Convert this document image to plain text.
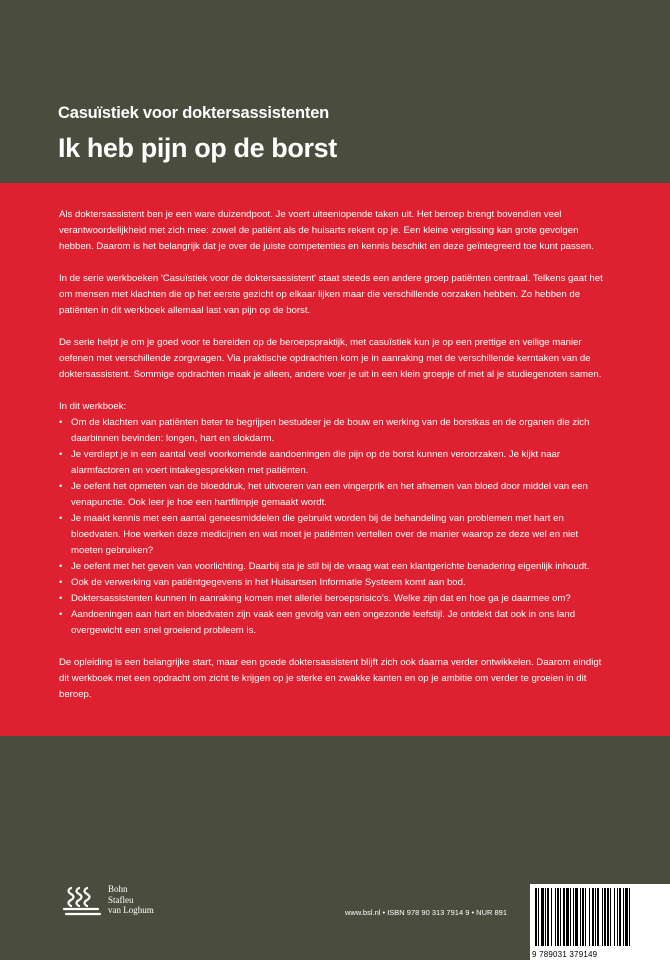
Casuïstiek voor doktersassistenten
Ik heb pijn op de borst

Als doktersassistent ben je een ware duizendpoot. Je voert uiteenlopende taken uit. Het beroep brengt bovendien veel verantwoordelijkheid met zich mee: zowel de patiënt als de huisarts rekent op je. Een kleine vergissing kan grote gevolgen hebben. Daarom is het belangrijk dat je over de juiste competenties en kennis beschikt en deze geïntegreerd toe kunt passen.

In de serie werkboeken 'Casuïstiek voor de doktersassistent' staat steeds een andere groep patiënten centraal. Telkens gaat het om mensen met klachten die op het eerste gezicht op elkaar lijken maar die verschillende oorzaken hebben. Zo hebben de patiënten in dit werkboek allemaal last van pijn op de borst.

De serie helpt je om je goed voor te bereiden op de beroepspraktijk, met casuïstiek kun je op een prettige en veilige manier oefenen met verschillende zorgvragen. Via praktische opdrachten kom je in aanraking met de verschillende kerntaken van de doktersassistent. Sommige opdrachten maak je alleen, andere voer je uit in een klein groepje of met al je studiegenoten samen.

In dit werkboek:
• Om de klachten van patiënten beter te begrijpen bestudeer je de bouw en werking van de borstkas en de organen die zich daarbinnen bevinden: longen, hart en slokdarm.
• Je verdiept je in een aantal veel voorkomende aandoeningen die pijn op de borst kunnen veroorzaken. Je kijkt naar alarmfactoren en voert intakegesprekken met patiënten.
• Je oefent het opmeten van de bloeddruk, het uitvoeren van een vingerprik en het afnemen van bloed door middel van een venapunctie. Ook leer je hoe een hartfilmpje gemaakt wordt.
• Je maakt kennis met een aantal geneesmiddelen die gebruikt worden bij de behandeling van problemen met hart en bloedvaten. Hoe werken deze medicijnen en wat moet je patiënten vertellen over de manier waarop ze deze wel en niet moeten gebruiken?
• Je oefent met het geven van voorlichting. Daarbij sta je stil bij de vraag wat een klantgerichte benadering eigenlijk inhoudt.
• Ook de verwerking van patiëntgegevens in het Huisartsen Informatie Systeem komt aan bod.
• Doktersassistenten kunnen in aanraking komen met allerlei beroepsrisico's. Welke zijn dat en hoe ga je daarmee om?
• Aandoeningen aan hart en bloedvaten zijn vaak een gevolg van een ongezonde leefstijl. Je ontdekt dat ook in ons land overgewicht een snel groeiend probleem is.

De opleiding is een belangrijke start, maar een goede doktersassistent blijft zich ook daarna verder ontwikkelen. Daarom eindigt dit werkboek met een opdracht om zicht te krijgen op je sterke en zwakke kanten en op je ambitie om verder te groeien in dit beroep.

Bohn
Stafleu
van Loghum	www.bsl.nl • ISBN 978 90 313 7914 9 • NUR 891
9 789031 379149
